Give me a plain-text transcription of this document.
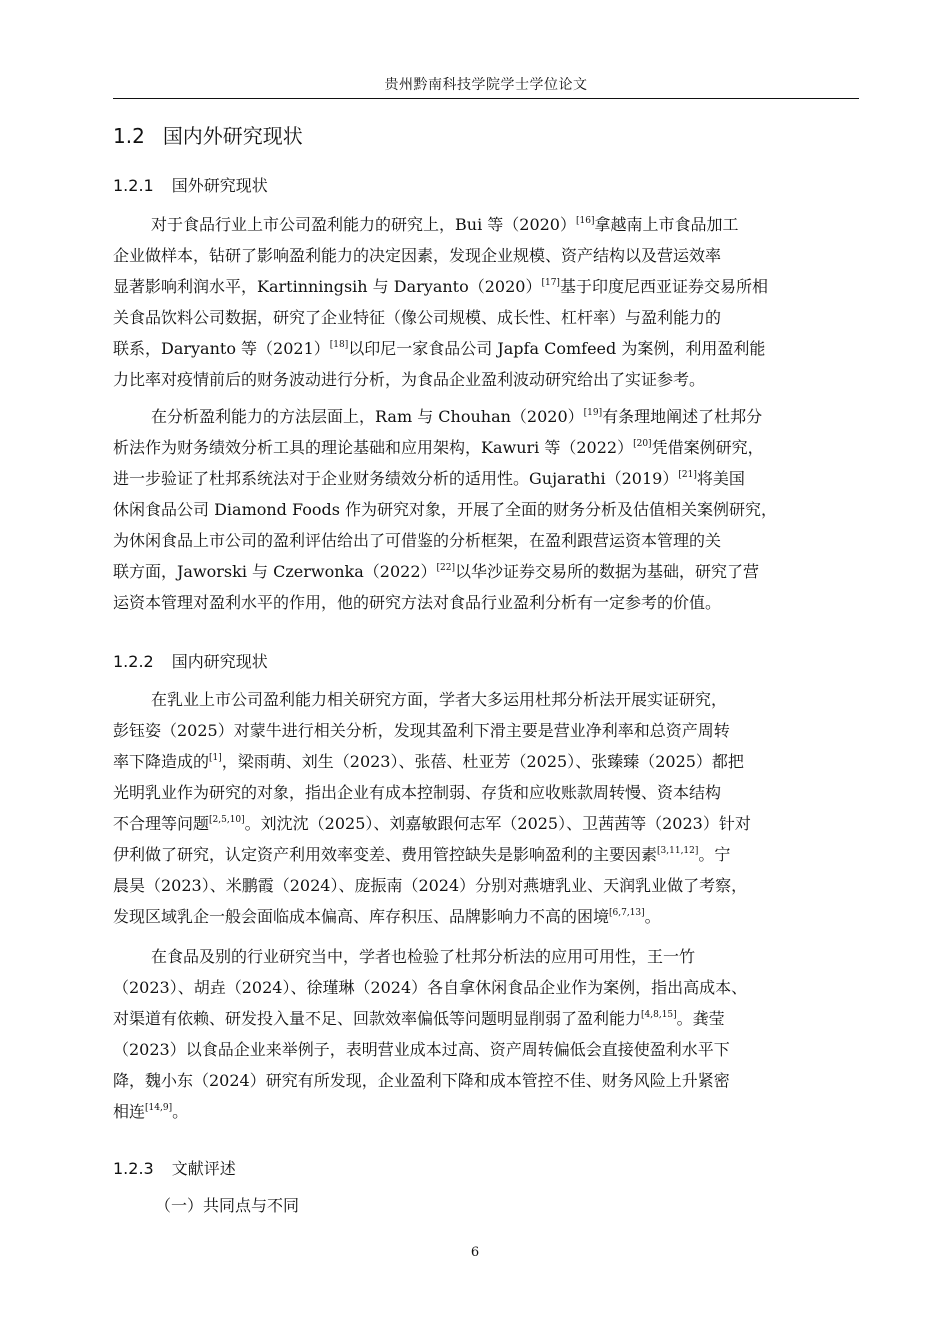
贵州黔南科技学院学士学位论文
1.2 国内外研究现状
1.2.1 国外研究现状
对于食品行业上市公司盈利能力的研究上，Bui 等（2020）[16]拿越南上市食品加工
企业做样本，钻研了影响盈利能力的决定因素，发现企业规模、资产结构以及营运效率
显著影响利润水平，Kartinningsih 与 Daryanto（2020）[17]基于印度尼西亚证券交易所相
关食品饮料公司数据，研究了企业特征（像公司规模、成长性、杠杆率）与盈利能力的
联系，Daryanto 等（2021）[18]以印尼一家食品公司 Japfa Comfeed 为案例，利用盈利能
力比率对疫情前后的财务波动进行分析，为食品企业盈利波动研究给出了实证参考。
在分析盈利能力的方法层面上，Ram 与 Chouhan（2020）[19]有条理地阐述了杜邦分
析法作为财务绩效分析工具的理论基础和应用架构，Kawuri 等（2022）[20]凭借案例研究，
进一步验证了杜邦系统法对于企业财务绩效分析的适用性。Gujarathi（2019）[21]将美国
休闲食品公司 Diamond Foods 作为研究对象，开展了全面的财务分析及估值相关案例研究，
为休闲食品上市公司的盈利评估给出了可借鉴的分析框架，在盈利跟营运资本管理的关
联方面，Jaworski 与 Czerwonka（2022）[22]以华沙证券交易所的数据为基础，研究了营
运资本管理对盈利水平的作用，他的研究方法对食品行业盈利分析有一定参考的价值。
1.2.2 国内研究现状
在乳业上市公司盈利能力相关研究方面，学者大多运用杜邦分析法开展实证研究，
彭钰姿（2025）对蒙牛进行相关分析，发现其盈利下滑主要是营业净利率和总资产周转
率下降造成的[1]，梁雨萌、刘生（2023）、张蓓、杜亚芳（2025）、张臻臻（2025）都把
光明乳业作为研究的对象，指出企业有成本控制弱、存货和应收账款周转慢、资本结构
不合理等问题[2,5,10]。刘沈沈（2025）、刘嘉敏跟何志军（2025）、卫茜茜等（2023）针对
伊利做了研究，认定资产利用效率变差、费用管控缺失是影响盈利的主要因素[3,11,12]。宁
晨昊（2023）、米鹏霞（2024）、庞振南（2024）分别对燕塘乳业、天润乳业做了考察，
发现区域乳企一般会面临成本偏高、库存积压、品牌影响力不高的困境[6,7,13]。
在食品及别的行业研究当中，学者也检验了杜邦分析法的应用可用性，王一竹
（2023）、胡垚（2024）、徐瑾琳（2024）各自拿休闲食品企业作为案例，指出高成本、
对渠道有依赖、研发投入量不足、回款效率偏低等问题明显削弱了盈利能力[4,8,15]。龚莹
（2023）以食品企业来举例子，表明营业成本过高、资产周转偏低会直接使盈利水平下
降，魏小东（2024）研究有所发现，企业盈利下降和成本管控不佳、财务风险上升紧密
相连[14,9]。
1.2.3 文献评述
（一）共同点与不同
6
